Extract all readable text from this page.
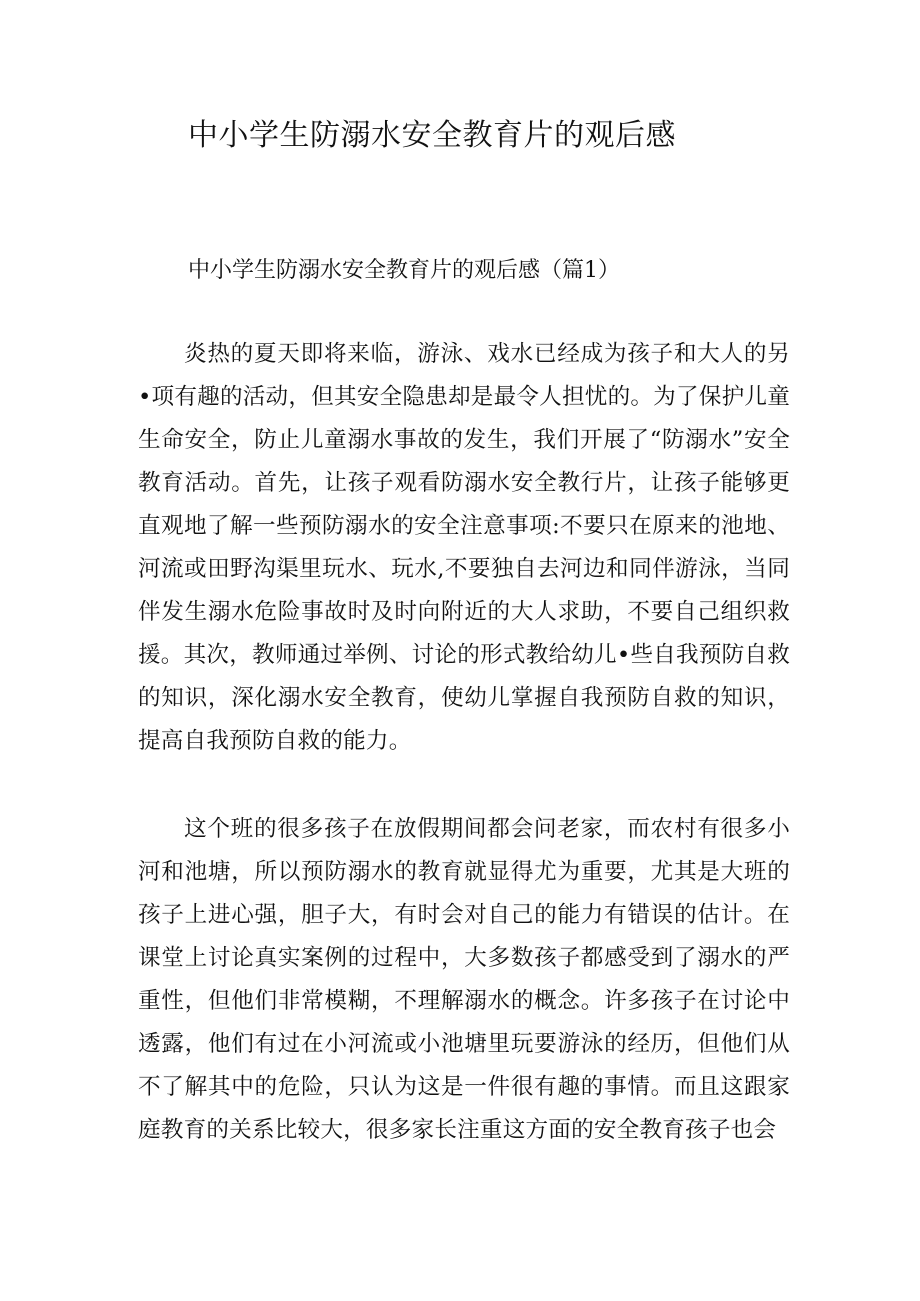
中小学生防溺水安全教育片的观后感
中小学生防溺水安全教育片的观后感（篇1）

炎热的夏天即将来临，游泳、戏水已经成为孩子和大人的另•项有趣的活动，但其安全隐患却是最令人担忧的。为了保护儿童生命安全，防止儿童溺水事故的发生，我们开展了“防溺水”安全教育活动。首先，让孩子观看防溺水安全教行片，让孩子能够更直观地了解一些预防溺水的安全注意事项:不要只在原来的池地、河流或田野沟渠里玩水、玩水,不要独自去河边和同伴游泳，当同伴发生溺水危险事故时及时向附近的大人求助，不要自己组织救援。其次，教师通过举例、讨论的形式教给幼儿•些自我预防自救的知识，深化溺水安全教育，使幼儿掌握自我预防自救的知识，提高自我预防自救的能力。

这个班的很多孩子在放假期间都会问老家，而农村有很多小河和池塘，所以预防溺水的教育就显得尤为重要，尤其是大班的孩子上进心强，胆子大，有时会对自己的能力有错误的估计。在课堂上讨论真实案例的过程中，大多数孩子都感受到了溺水的严重性，但他们非常模糊，不理解溺水的概念。许多孩子在讨论中透露，他们有过在小河流或小池塘里玩要游泳的经历，但他们从不了解其中的危险，只认为这是一件很有趣的事情。而且这跟家庭教育的关系比较大，很多家长注重这方面的安全教育孩子也会
